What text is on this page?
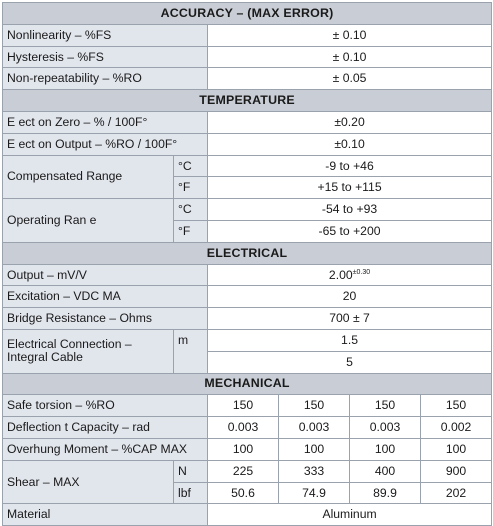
ACCURACY – (MAX ERROR)					
Nonlinearity – %FS		± 0.10			
Hysteresis – %FS		± 0.10			
Non-repeatability – %RO		± 0.05			
TEMPERATURE					
E ect on Zero – % / 100F°		±0.20			
E ect on Output – %RO / 100F°		±0.10			
Compensated Range	°C	-9 to +46			
	°F	+15 to +115			
Operating Ran e	°C	-54 to +93			
	°F	-65 to +200			
ELECTRICAL					
Output – mV/V		$2.00^{\pm 0.30}$
Excitation – VDC MA		20			
Bridge Resistance – Ohms		700 ± 7			
Electrical Connection –
Integral Cable	m	1.5			
		5			
MECHANICAL					
Safe torsion – %RO		150	150	150	150
Deflection t Capacity – rad		0.003	0.003	0.003	0.002
Overhung Moment – %CAP MAX		100	100	100	100
Shear – MAX	N	225	333	400	900
	lbf	50.6	74.9	89.9	202
Material		Aluminum			
